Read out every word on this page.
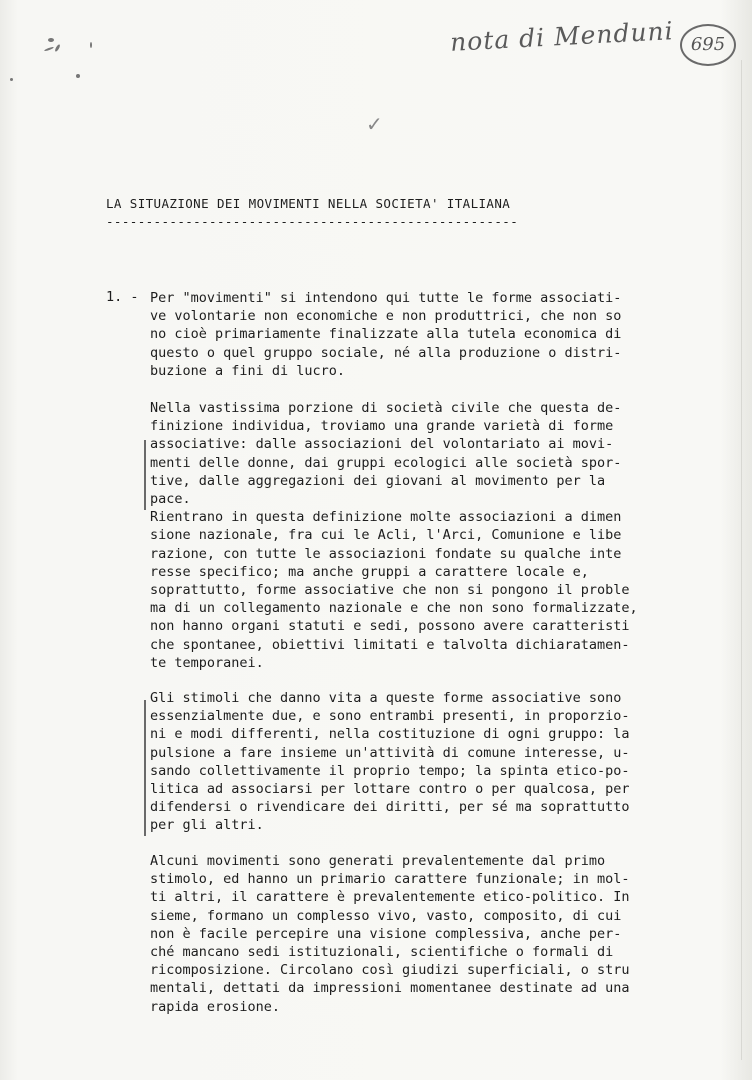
nota di Menduni 695
✓
LA SITUAZIONE DEI MOVIMENTI NELLA SOCIETA' ITALIANA
----------------------------------------------------
1. - Per "movimenti" si intendono qui tutte le forme associati-
ve volontarie non economiche e non produttrici, che non so
no cioè primariamente finalizzate alla tutela economica di
questo o quel gruppo sociale, né alla produzione o distri-
buzione a fini di lucro.
Nella vastissima porzione di società civile che questa de-
finizione individua, troviamo una grande varietà di forme
associative: dalle associazioni del volontariato ai movi-
menti delle donne, dai gruppi ecologici alle società spor-
tive, dalle aggregazioni dei giovani al movimento per la
pace.
Rientrano in questa definizione molte associazioni a dimen
sione nazionale, fra cui le Acli, l'Arci, Comunione e libe
razione, con tutte le associazioni fondate su qualche inte
resse specifico; ma anche gruppi a carattere locale e,
soprattutto, forme associative che non si pongono il proble
ma di un collegamento nazionale e che non sono formalizzate,
non hanno organi statuti e sedi, possono avere caratteristi
che spontanee, obiettivi limitati e talvolta dichiaratamen-
te temporanei.
Gli stimoli che danno vita a queste forme associative sono
essenzialmente due, e sono entrambi presenti, in proporzio-
ni e modi differenti, nella costituzione di ogni gruppo: la
pulsione a fare insieme un'attività di comune interesse, u-
sando collettivamente il proprio tempo; la spinta etico-po-
litica ad associarsi per lottare contro o per qualcosa, per
difendersi o rivendicare dei diritti, per sé ma soprattutto
per gli altri.
Alcuni movimenti sono generati prevalentemente dal primo
stimolo, ed hanno un primario carattere funzionale; in mol-
ti altri, il carattere è prevalentemente etico-politico. In
sieme, formano un complesso vivo, vasto, composito, di cui
non è facile percepire una visione complessiva, anche per-
ché mancano sedi istituzionali, scientifiche o formali di
ricomposizione. Circolano così giudizi superficiali, o stru
mentali, dettati da impressioni momentanee destinate ad una
rapida erosione.
